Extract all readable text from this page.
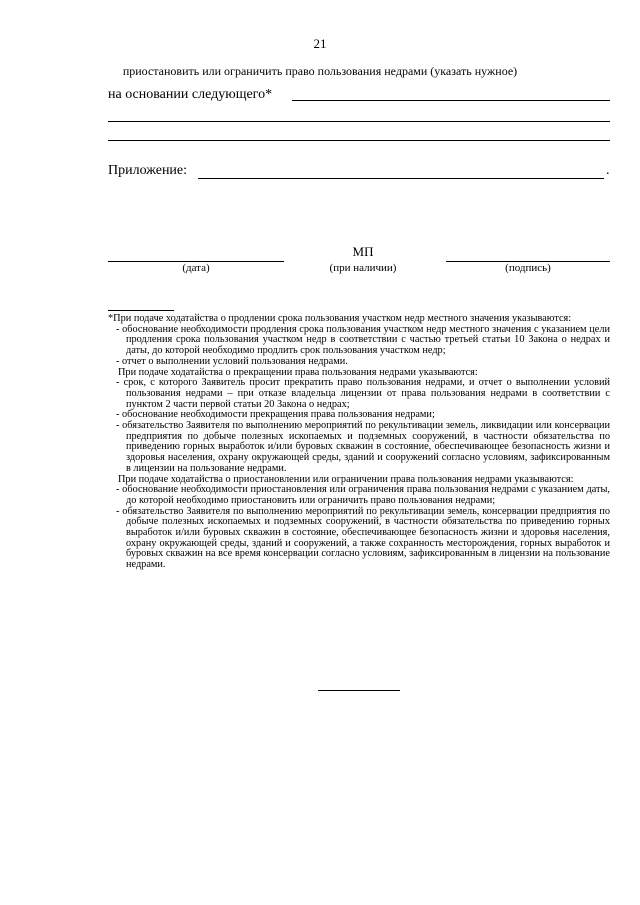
21
приостановить или ограничить право пользования недрами (указать нужное)
на основании следующего*
Приложение:	.
МП
(дата)	(при наличии)	(подпись)

*При подаче ходатайства о продлении срока пользования участком недр местного значения указываются:

- обоснование необходимости продления срока пользования участком недр местного значения с указанием цели продления срока пользования участком недр в соответствии с частью третьей статьи 10 Закона о недрах и даты, до которой необходимо продлить срок пользования участком недр;

- отчет о выполнении условий пользования недрами.

При подаче ходатайства о прекращении права пользования недрами указываются:

- срок, с которого Заявитель просит прекратить право пользования недрами, и отчет о выполнении условий пользования недрами – при отказе владельца лицензии от права пользования недрами в соответствии с пунктом 2 части первой статьи 20 Закона о недрах;

- обоснование необходимости прекращения права пользования недрами;

- обязательство Заявителя по выполнению мероприятий по рекультивации земель, ликвидации или консервации предприятия по добыче полезных ископаемых и подземных сооружений, в частности обязательства по приведению горных выработок и/или буровых скважин в состояние, обеспечивающее безопасность жизни и здоровья населения, охрану окружающей среды, зданий и сооружений согласно условиям, зафиксированным в лицензии на пользование недрами.

При подаче ходатайства о приостановлении или ограничении права пользования недрами указываются:

- обоснование необходимости приостановления или ограничения права пользования недрами с указанием даты, до которой необходимо приостановить или ограничить право пользования недрами;

- обязательство Заявителя по выполнению мероприятий по рекультивации земель, консервации предприятия по добыче полезных ископаемых и подземных сооружений, в частности обязательства по приведению горных выработок и/или буровых скважин в состояние, обеспечивающее безопасность жизни и здоровья населения, охрану окружающей среды, зданий и сооружений, а также сохранность месторождения, горных выработок и буровых скважин на все время консервации согласно условиям, зафиксированным в лицензии на пользование недрами.
